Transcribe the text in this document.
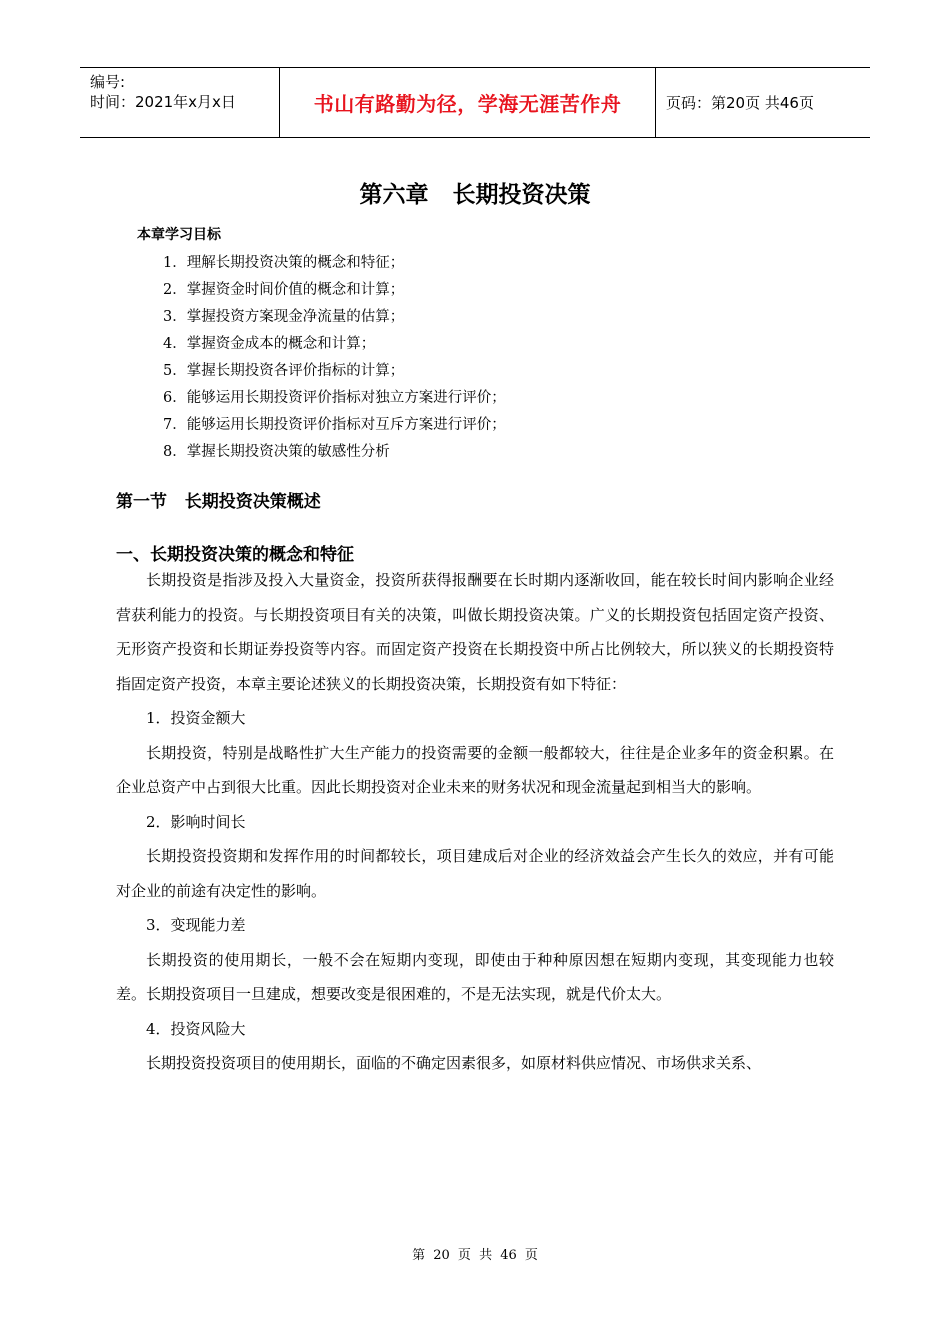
编号:
时间：2021年x月x日	书山有路勤为径，学海无涯苦作舟	页码：第20页 共46页
第六章   长期投资决策
本章学习目标
1．理解长期投资决策的概念和特征；
2．掌握资金时间价值的概念和计算；
3．掌握投资方案现金净流量的估算；
4．掌握资金成本的概念和计算；
5．掌握长期投资各评价指标的计算；
6．能够运用长期投资评价指标对独立方案进行评价；
7．能够运用长期投资评价指标对互斥方案进行评价；
8．掌握长期投资决策的敏感性分析
第一节   长期投资决策概述
一、长期投资决策的概念和特征

长期投资是指涉及投入大量资金，投资所获得报酬要在长时期内逐渐收回，能在较长时间内影响企业经营获利能力的投资。与长期投资项目有关的决策，叫做长期投资决策。广义的长期投资包括固定资产投资、无形资产投资和长期证券投资等内容。而固定资产投资在长期投资中所占比例较大，所以狭义的长期投资特指固定资产投资，本章主要论述狭义的长期投资决策，长期投资有如下特征：

1．投资金额大

长期投资，特别是战略性扩大生产能力的投资需要的金额一般都较大，往往是企业多年的资金积累。在企业总资产中占到很大比重。因此长期投资对企业未来的财务状况和现金流量起到相当大的影响。

2．影响时间长

长期投资投资期和发挥作用的时间都较长，项目建成后对企业的经济效益会产生长久的效应，并有可能对企业的前途有决定性的影响。

3．变现能力差

长期投资的使用期长，一般不会在短期内变现，即使由于种种原因想在短期内变现，其变现能力也较差。长期投资项目一旦建成，想要改变是很困难的，不是无法实现，就是代价太大。

4．投资风险大

长期投资投资项目的使用期长，面临的不确定因素很多，如原材料供应情况、市场供求关系、

第 20 页 共 46 页
